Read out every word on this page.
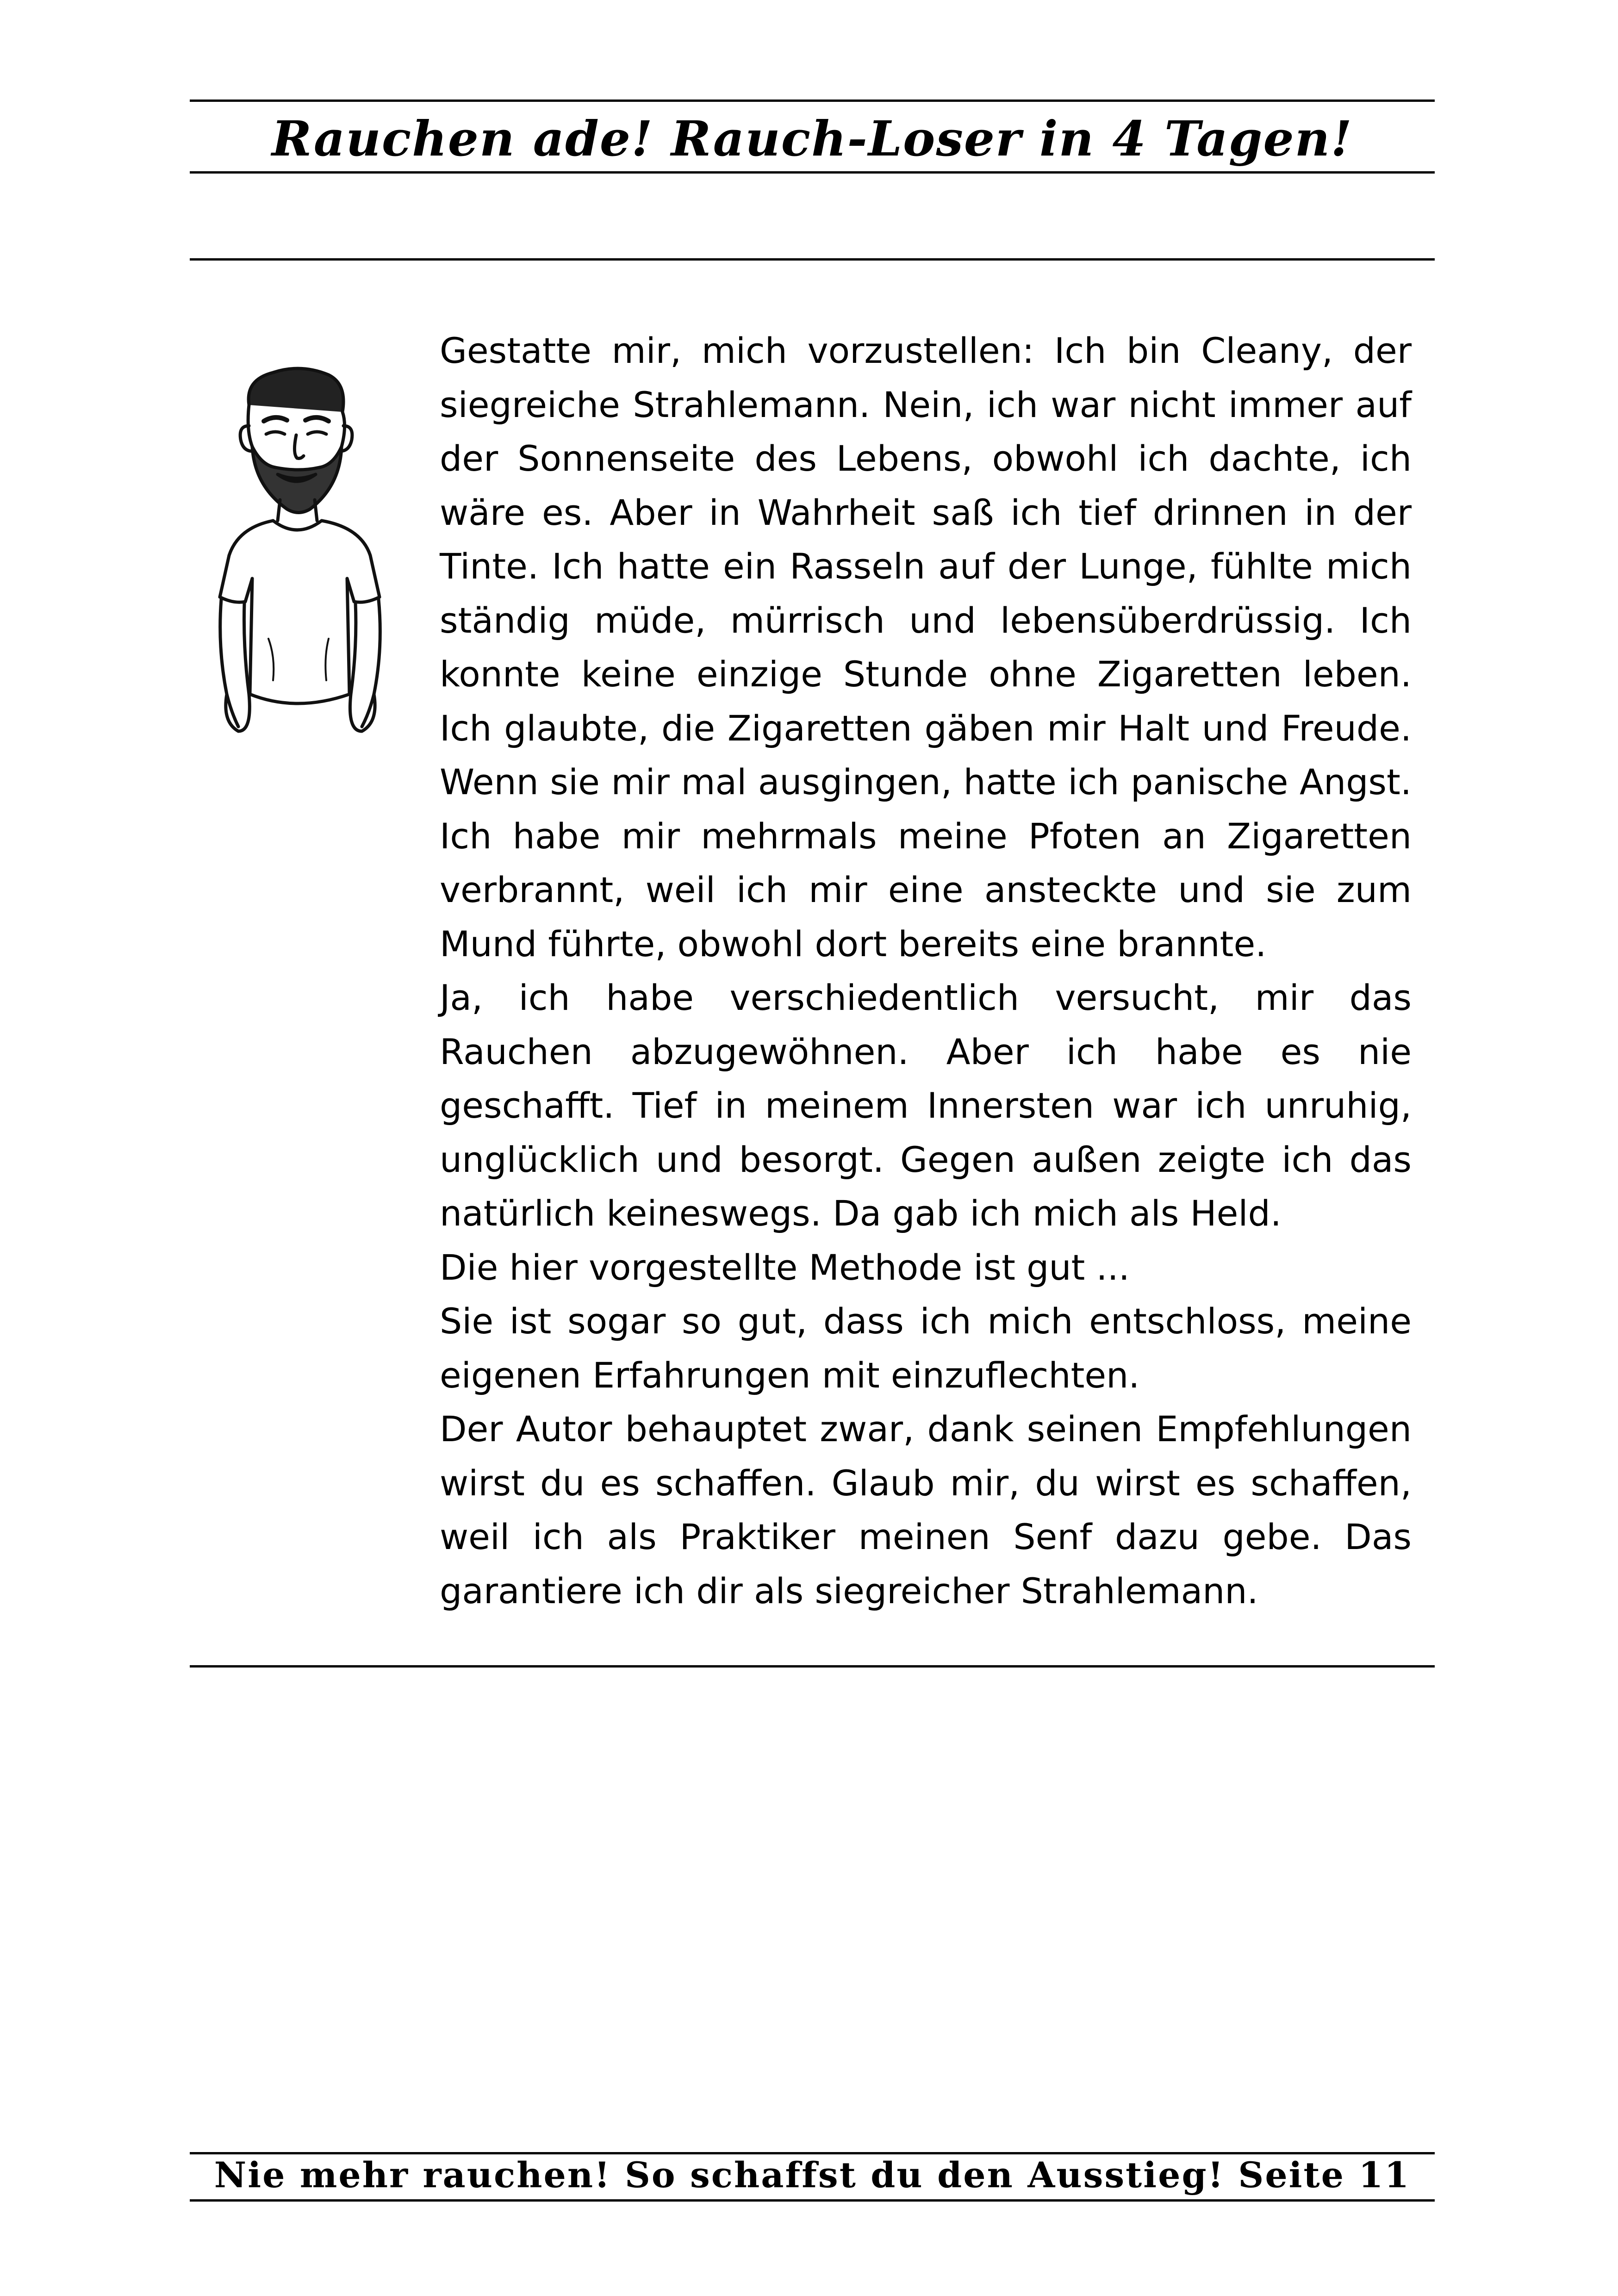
Rauchen ade! Rauch-Loser in 4 Tagen!

Gestatte mir, mich vorzustellen: Ich bin Cleany, der siegreiche Strahlemann. Nein, ich war nicht immer auf der Sonnenseite des Lebens, obwohl ich dachte, ich wäre es. Aber in Wahrheit saß ich tief drinnen in der Tinte. Ich hatte ein Rasseln auf der Lunge, fühlte mich ständig müde, mürrisch und lebensüberdrüssig. Ich konnte keine einzige Stunde ohne Zigaretten leben. Ich glaubte, die Zigaretten gäben mir Halt und Freude. Wenn sie mir mal ausgingen, hatte ich panische Angst. Ich habe mir mehrmals meine Pfoten an Zigaretten verbrannt, weil ich mir eine ansteckte und sie zum Mund führte, obwohl dort bereits eine brannte.

Ja, ich habe verschiedentlich versucht, mir das Rauchen abzugewöhnen. Aber ich habe es nie geschafft. Tief in meinem Innersten war ich unruhig, unglücklich und besorgt. Gegen außen zeigte ich das natürlich keineswegs. Da gab ich mich als Held.

Die hier vorgestellte Methode ist gut ...

Sie ist sogar so gut, dass ich mich entschloss, meine eigenen Erfahrungen mit einzuflechten.

Der Autor behauptet zwar, dank seinen Empfehlungen wirst du es schaffen. Glaub mir, du wirst es schaffen, weil ich als Praktiker meinen Senf dazu gebe. Das garantiere ich dir als siegreicher Strahlemann.

Nie mehr rauchen! So schaffst du den Ausstieg! Seite 11
